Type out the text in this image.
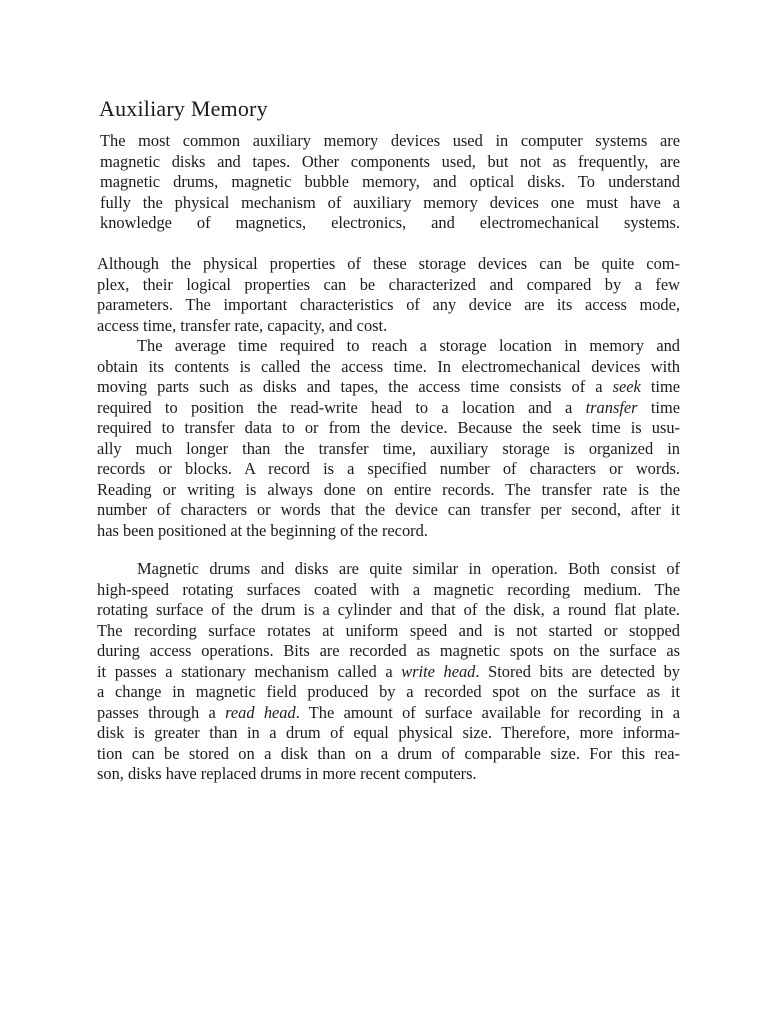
Auxiliary Memory
The most common auxiliary memory devices used in computer systems are
magnetic disks and tapes. Other components used, but not as frequently, are
magnetic drums, magnetic bubble memory, and optical disks. To understand
fully the physical mechanism of auxiliary memory devices one must have a
knowledge of magnetics, electronics, and electromechanical systems.
Although the physical properties of these storage devices can be quite com-
plex, their logical properties can be characterized and compared by a few
parameters. The important characteristics of any device are its access mode,
access time, transfer rate, capacity, and cost.
The average time required to reach a storage location in memory and
obtain its contents is called the access time. In electromechanical devices with
moving parts such as disks and tapes, the access time consists of a seek time
required to position the read-write head to a location and a transfer time
required to transfer data to or from the device. Because the seek time is usu-
ally much longer than the transfer time, auxiliary storage is organized in
records or blocks. A record is a specified number of characters or words.
Reading or writing is always done on entire records. The transfer rate is the
number of characters or words that the device can transfer per second, after it
has been positioned at the beginning of the record.
Magnetic drums and disks are quite similar in operation. Both consist of
high-speed rotating surfaces coated with a magnetic recording medium. The
rotating surface of the drum is a cylinder and that of the disk, a round flat plate.
The recording surface rotates at uniform speed and is not started or stopped
during access operations. Bits are recorded as magnetic spots on the surface as
it passes a stationary mechanism called a write head. Stored bits are detected by
a change in magnetic field produced by a recorded spot on the surface as it
passes through a read head. The amount of surface available for recording in a
disk is greater than in a drum of equal physical size. Therefore, more informa-
tion can be stored on a disk than on a drum of comparable size. For this rea-
son, disks have replaced drums in more recent computers.
